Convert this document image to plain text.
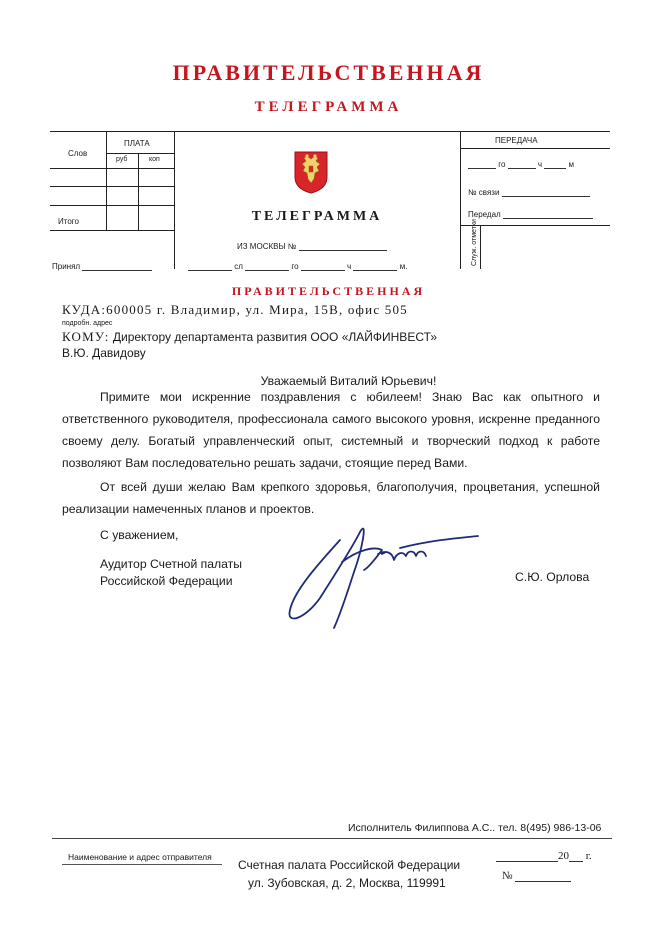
ПРАВИТЕЛЬСТВЕННАЯ
ТЕЛЕГРАММА
Слов
ПЛАТА
руб	коп
Итого
Принял
ТЕЛЕГРАММА
ИЗ МОСКВЫ №
сл	го	ч	м.
ПЕРЕДАЧА
го	ч	м
№ связи
Передал
Служ. отметки
ПРАВИТЕЛЬСТВЕННАЯ
КУДА:600005 г. Владимир, ул. Мира, 15В, офис 505
подробн. адрес
КОМУ: Директору департамента развития ООО «ЛАЙФИНВЕСТ»
В.Ю. Давидову
Уважаемый Виталий Юрьевич!
Примите мои искренние поздравления с юбилеем! Знаю Вас как опытного и
ответственного руководителя, профессионала самого высокого уровня, искренне преданного
своему делу. Богатый управленческий опыт, системный и творческий подход к работе
позволяют Вам последовательно решать задачи, стоящие перед Вами.
От всей души желаю Вам крепкого здоровья, благополучия, процветания, успешной
реализации намеченных планов и проектов.
С уважением,
Аудитор Счетной палаты
Российской Федерации	С.Ю. Орлова
Исполнитель Филиппова А.С.. тел. 8(495) 986-13-06
Наименование и адрес отправителя
Счетная палата Российской Федерации
ул. Зубовская, д. 2, Москва, 119991
20 г.
№
